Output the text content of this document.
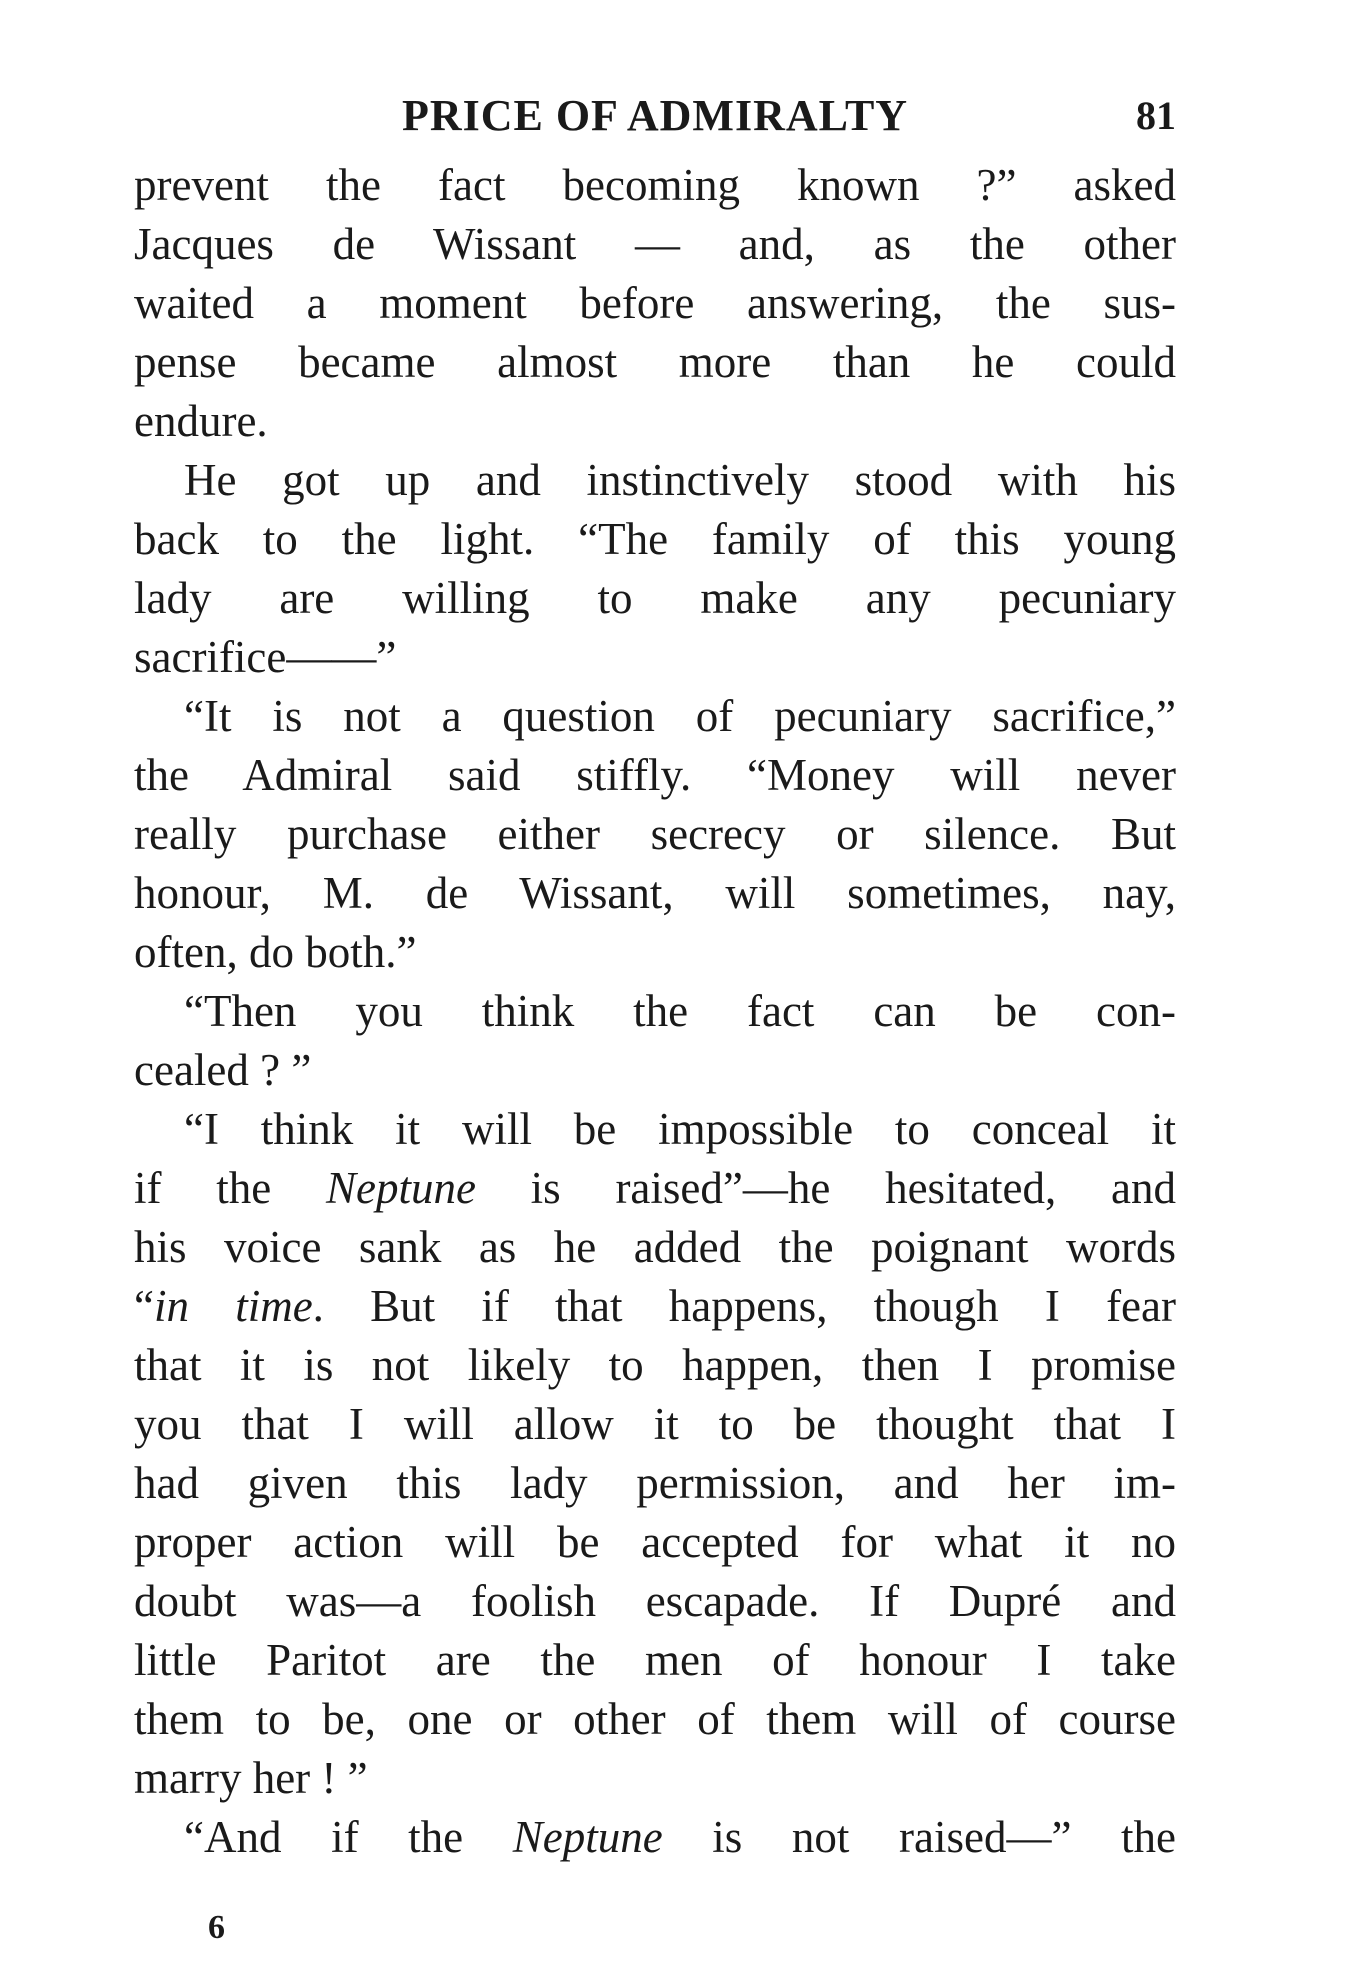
PRICE OF ADMIRALTY	81
prevent the fact becoming known ?” asked
Jacques de Wissant — and, as the other
waited a moment before answering, the sus-
pense became almost more than he could
endure.
He got up and instinctively stood with his
back to the light. “The family of this young
lady are willing to make any pecuniary
sacrifice——”
“It is not a question of pecuniary sacrifice,”
the Admiral said stiffly. “Money will never
really purchase either secrecy or silence. But
honour, M. de Wissant, will sometimes, nay,
often, do both.”
“Then you think the fact can be con-
cealed ? ”
“I think it will be impossible to conceal it
if the Neptune is raised”—he hesitated, and
his voice sank as he added the poignant words
“in time. But if that happens, though I fear
that it is not likely to happen, then I promise
you that I will allow it to be thought that I
had given this lady permission, and her im-
proper action will be accepted for what it no
doubt was—a foolish escapade. If Dupré and
little Paritot are the men of honour I take
them to be, one or other of them will of course
marry her ! ”
“And if the Neptune is not raised—” the
6
